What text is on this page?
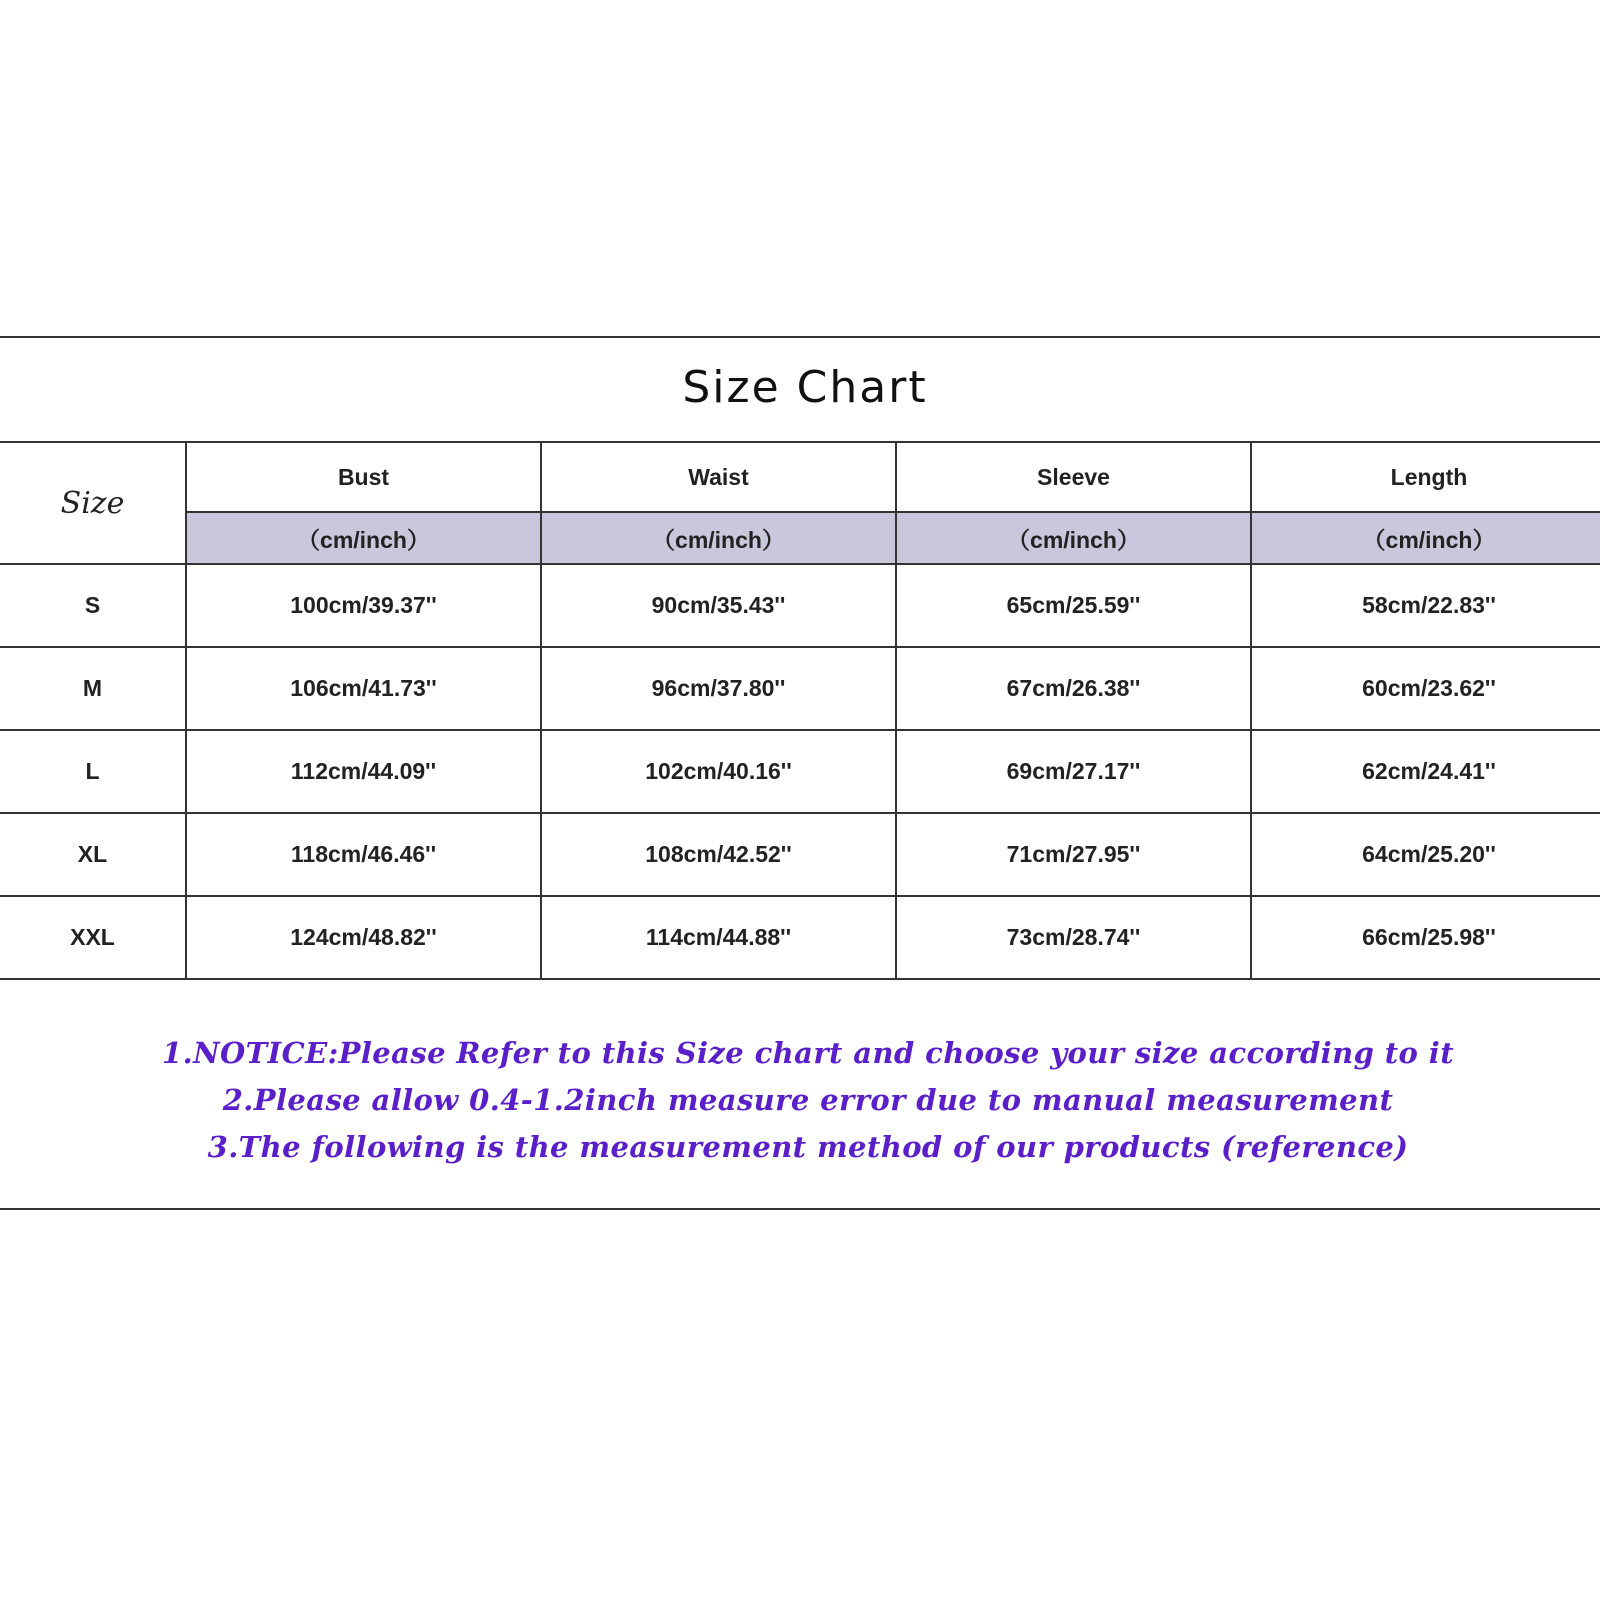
Size Chart
Size	Bust	Waist	Sleeve	Length
	（cm/inch）	（cm/inch）	（cm/inch）	（cm/inch）
S	100cm/39.37''	90cm/35.43''	65cm/25.59''	58cm/22.83''
M	106cm/41.73''	96cm/37.80''	67cm/26.38''	60cm/23.62''
L	112cm/44.09''	102cm/40.16''	69cm/27.17''	62cm/24.41''
XL	118cm/46.46''	108cm/42.52''	71cm/27.95''	64cm/25.20''
XXL	124cm/48.82''	114cm/44.88''	73cm/28.74''	66cm/25.98''
1.NOTICE:Please Refer to this Size chart and choose your size according to it
2.Please allow 0.4-1.2inch measure error due to manual measurement
3.The following is the measurement method of our products (reference)
